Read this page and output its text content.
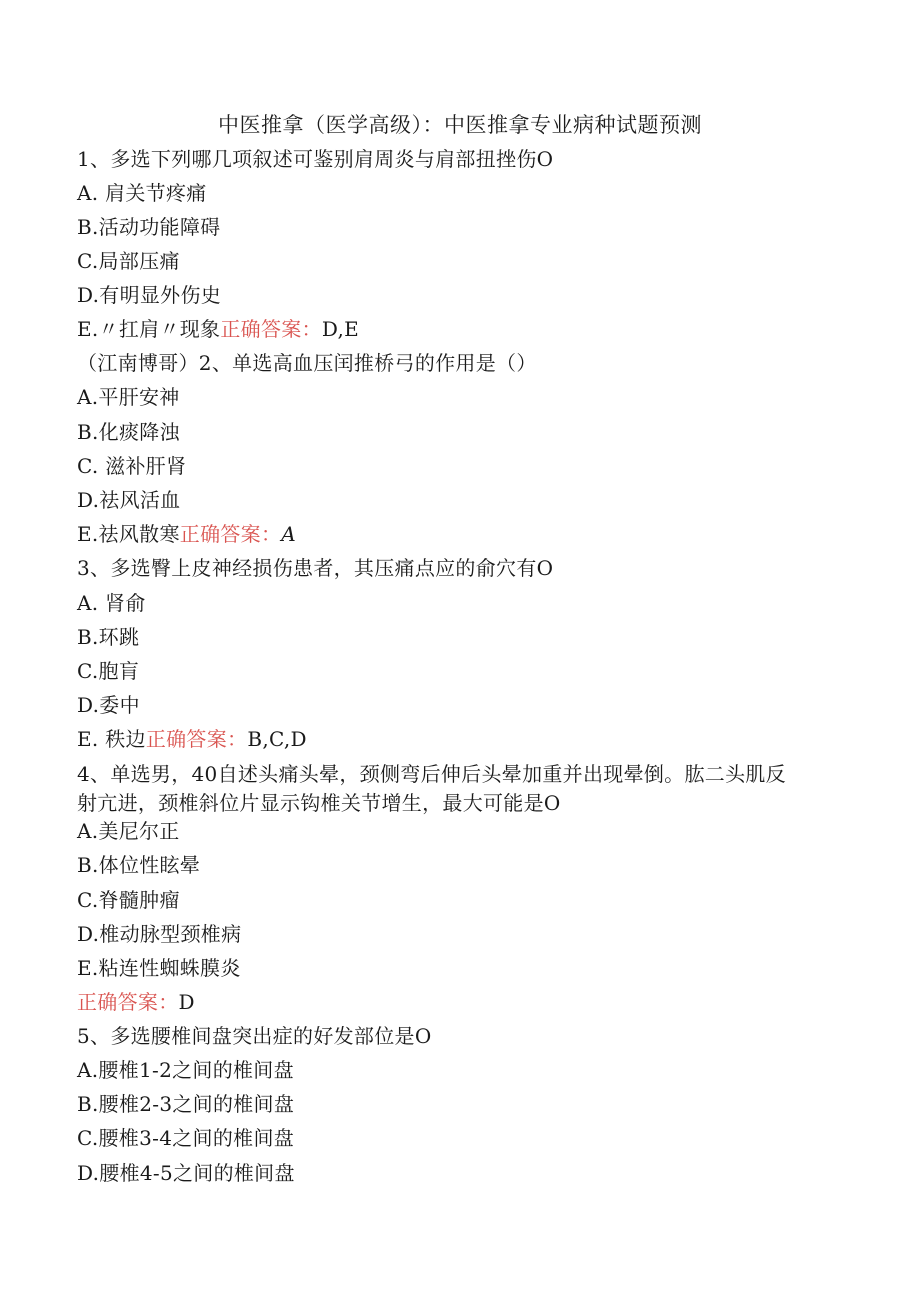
中医推拿（医学高级）：中医推拿专业病种试题预测
1、多选下列哪几项叙述可鉴别肩周炎与肩部扭挫伤O
A. 肩关节疼痛
B.活动功能障碍
C.局部压痛
D.有明显外伤史
E.〃扛肩〃现象正确答案：D,E
（江南博哥）2、单选高血压闰推桥弓的作用是（）
A.平肝安神
B.化痰降浊
C. 滋补肝肾
D.祛风活血
E.祛风散寒正确答案：A
3、多选臀上皮神经损伤患者，其压痛点应的俞穴有O
A. 肾俞
B.环跳
C.胞肓
D.委中
E. 秩边正确答案：B,C,D
4、单选男，40自述头痛头晕，颈侧弯后伸后头晕加重并出现晕倒。肱二头肌反
射亢进，颈椎斜位片显示钩椎关节增生，最大可能是O
A.美尼尔正
B.体位性眩晕
C.脊髓肿瘤
D.椎动脉型颈椎病
E.粘连性蜘蛛膜炎
正确答案：D
5、多选腰椎间盘突出症的好发部位是O
A.腰椎1-2之间的椎间盘
B.腰椎2-3之间的椎间盘
C.腰椎3-4之间的椎间盘
D.腰椎4-5之间的椎间盘
